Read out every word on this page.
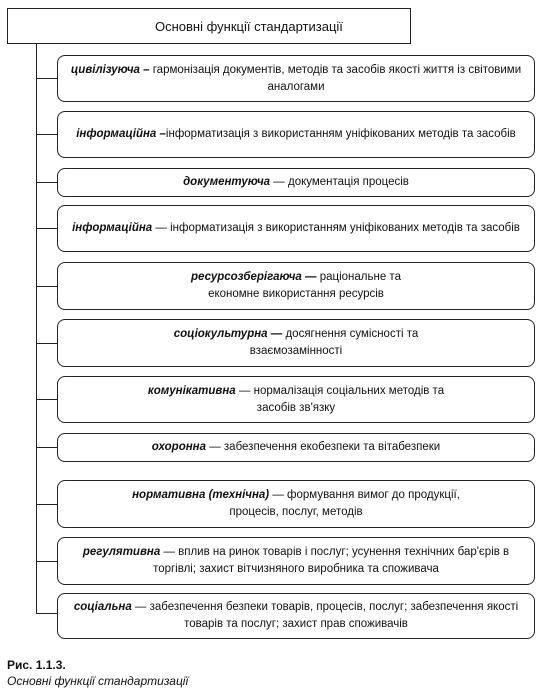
Основні функції стандартизації
цивілізуюча – гармонізація документів, методів та засобів якості життя із світовими аналогами
інформаційна –інформатизація з використанням уніфікованих методів та засобів
документуюча — документація процесів
інформаційна — інформатизація з використанням уніфікованих методів та засобів
ресурсозберігаюча — раціональне та економне використання ресурсів
соціокультурна — досягнення сумісності та взаємозамінності
комунікативна — нормалізація соціальних методів та засобів зв'язку
охоронна — забезпечення екобезпеки та вітабезпеки
нормативна (технічна) — формування вимог до продукції, процесів, послуг, методів
регулятивна — вплив на ринок товарів і послуг; усунення технічних бар'єрів в торгівлі; захист вітчизняного виробника та споживача
соціальна — забезпечення безпеки товарів, процесів, послуг; забезпечення якості товарів та послуг; захист прав споживачів
Рис. 1.1.3.
Основні функції стандартизації
